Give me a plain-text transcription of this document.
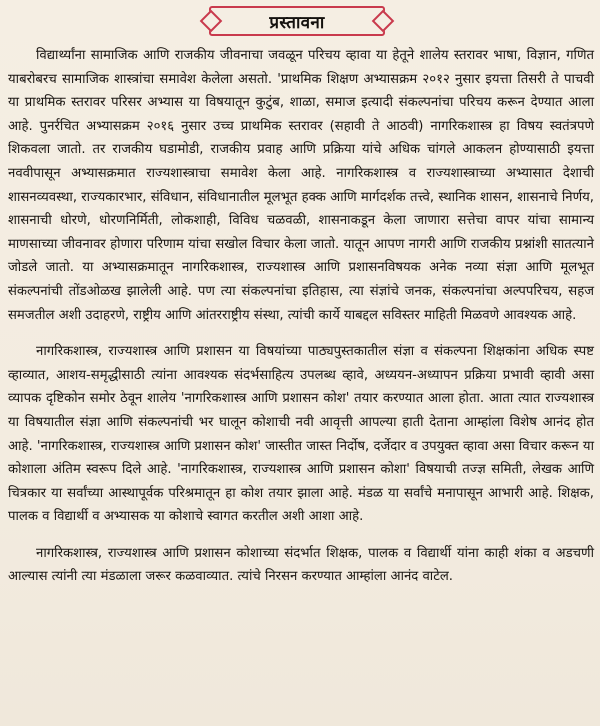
प्रस्तावना

विद्यार्थ्यांना सामाजिक आणि राजकीय जीवनाचा जवळून परिचय व्हावा या हेतूने शालेय स्तरावर भाषा, विज्ञान, गणित याबरोबरच सामाजिक शास्त्रांचा समावेश केलेला असतो. 'प्राथमिक शिक्षण अभ्यासक्रम २०१२ नुसार इयत्ता तिसरी ते पाचवी या प्राथमिक स्तरावर परिसर अभ्यास या विषयातून कुटुंब, शाळा, समाज इत्यादी संकल्पनांचा परिचय करून देण्यात आला आहे. पुनर्रचित अभ्यासक्रम २०१६ नुसार उच्च प्राथमिक स्तरावर (सहावी ते आठवी) नागरिकशास्त्र हा विषय स्वतंत्रपणे शिकवला जातो. तर राजकीय घडामोडी, राजकीय प्रवाह आणि प्रक्रिया यांचे अधिक चांगले आकलन होण्यासाठी इयत्ता नववीपासून अभ्यासक्रमात राज्यशास्त्राचा समावेश केला आहे. नागरिकशास्त्र व राज्यशास्त्राच्या अभ्यासात देशाची शासनव्यवस्था, राज्यकारभार, संविधान, संविधानातील मूलभूत हक्क आणि मार्गदर्शक तत्त्वे, स्थानिक शासन, शासनाचे निर्णय, शासनाची धोरणे, धोरणनिर्मिती, लोकशाही, विविध चळवळी, शासनाकडून केला जाणारा सत्तेचा वापर यांचा सामान्य माणसाच्या जीवनावर होणारा परिणाम यांचा सखोल विचार केला जातो. यातून आपण नागरी आणि राजकीय प्रश्नांशी सातत्याने जोडले जातो. या अभ्यासक्रमातून नागरिकशास्त्र, राज्यशास्त्र आणि प्रशासनविषयक अनेक नव्या संज्ञा आणि मूलभूत संकल्पनांची तोंडओळख झालेली आहे. पण त्या संकल्पनांचा इतिहास, त्या संज्ञांचे जनक, संकल्पनांचा अल्पपरिचय, सहज समजतील अशी उदाहरणे, राष्ट्रीय आणि आंतरराष्ट्रीय संस्था, त्यांची कार्ये याबद्दल सविस्तर माहिती मिळवणे आवश्यक आहे.

नागरिकशास्त्र, राज्यशास्त्र आणि प्रशासन या विषयांच्या पाठ्यपुस्तकातील संज्ञा व संकल्पना शिक्षकांना अधिक स्पष्ट व्हाव्यात, आशय-समृद्धीसाठी त्यांना आवश्यक संदर्भसाहित्य उपलब्ध व्हावे, अध्ययन-अध्यापन प्रक्रिया प्रभावी व्हावी असा व्यापक दृष्टिकोन समोर ठेवून शालेय 'नागरिकशास्त्र आणि प्रशासन कोश' तयार करण्यात आला होता. आता त्यात राज्यशास्त्र या विषयातील संज्ञा आणि संकल्पनांची भर घालून कोशाची नवी आवृत्ती आपल्या हाती देताना आम्हांला विशेष आनंद होत आहे. 'नागरिकशास्त्र, राज्यशास्त्र आणि प्रशासन कोश' जास्तीत जास्त निर्दोष, दर्जेदार व उपयुक्त व्हावा असा विचार करून या कोशाला अंतिम स्वरूप दिले आहे. 'नागरिकशास्त्र, राज्यशास्त्र आणि प्रशासन कोशा' विषयाची तज्ज्ञ समिती, लेखक आणि चित्रकार या सर्वांच्या आस्थापूर्वक परिश्रमातून हा कोश तयार झाला आहे. मंडळ या सर्वांचे मनापासून आभारी आहे. शिक्षक, पालक व विद्यार्थी व अभ्यासक या कोशाचे स्वागत करतील अशी आशा आहे.

नागरिकशास्त्र, राज्यशास्त्र आणि प्रशासन कोशाच्या संदर्भात शिक्षक, पालक व विद्यार्थी यांना काही शंका व अडचणी आल्यास त्यांनी त्या मंडळाला जरूर कळवाव्यात. त्यांचे निरसन करण्यात आम्हांला आनंद वाटेल.
